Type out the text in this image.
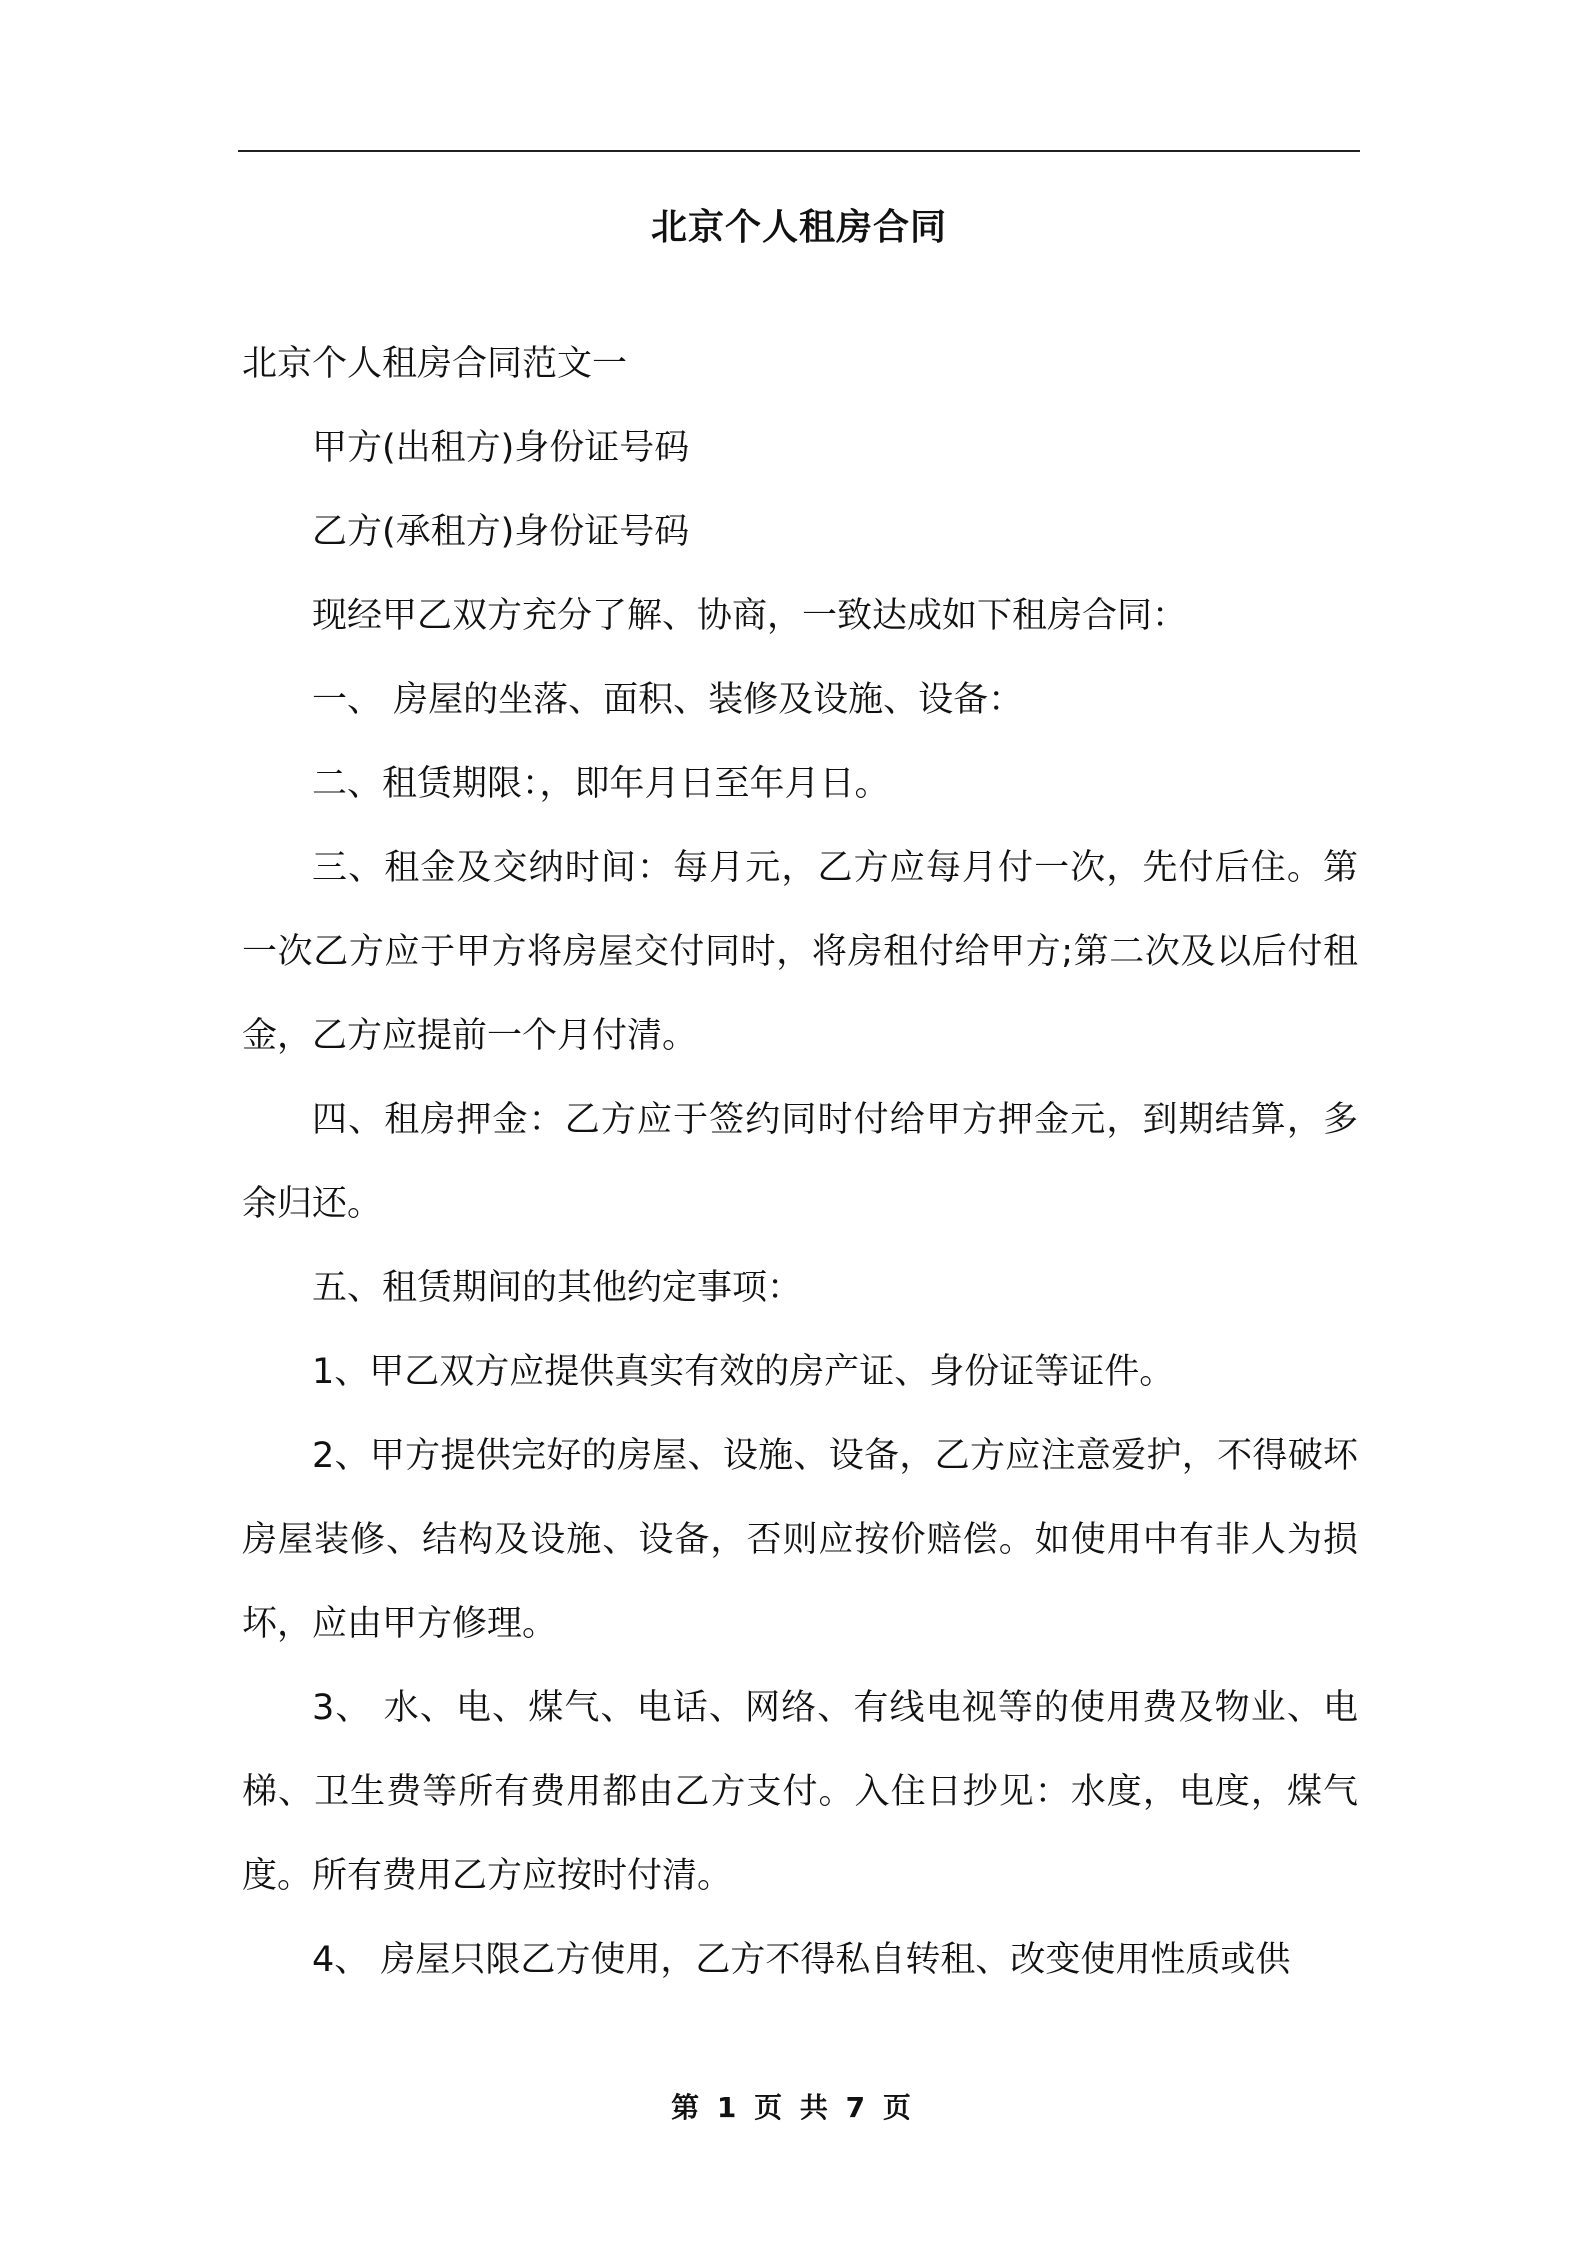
北京个人租房合同

北京个人租房合同范文一

甲方(出租方)身份证号码

乙方(承租方)身份证号码

现经甲乙双方充分了解、协商，一致达成如下租房合同：

一、 房屋的坐落、面积、装修及设施、设备：

二、租赁期限：，即年月日至年月日。

三、租金及交纳时间：每月元，乙方应每月付一次，先付后住。第一次乙方应于甲方将房屋交付同时，将房租付给甲方;第二次及以后付租金，乙方应提前一个月付清。

四、租房押金：乙方应于签约同时付给甲方押金元，到期结算，多余归还。

五、租赁期间的其他约定事项：

1、甲乙双方应提供真实有效的房产证、身份证等证件。

2、甲方提供完好的房屋、设施、设备，乙方应注意爱护，不得破坏房屋装修、结构及设施、设备，否则应按价赔偿。如使用中有非人为损坏，应由甲方修理。

3、 水、电、煤气、电话、网络、有线电视等的使用费及物业、电梯、卫生费等所有费用都由乙方支付。入住日抄见：水度，电度，煤气度。所有费用乙方应按时付清。

4、 房屋只限乙方使用，乙方不得私自转租、改变使用性质或供

第 1 页 共 7 页
